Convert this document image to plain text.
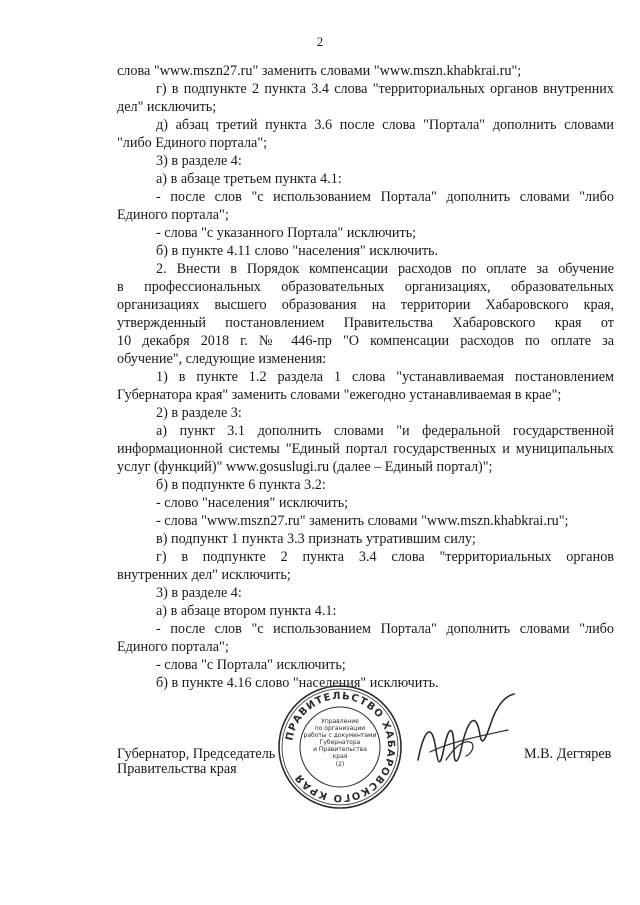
2
слова "www.mszn27.ru" заменить словами "www.mszn.khabkrai.ru";
г) в подпункте 2 пункта 3.4 слова "территориальных органов внутренних
дел" исключить;
д) абзац третий пункта 3.6 после слова "Портала" дополнить словами
"либо Единого портала";
3) в разделе 4:
а) в абзаце третьем пункта 4.1:
- после слов "с использованием Портала" дополнить словами "либо
Единого портала";
- слова "с указанного Портала" исключить;
б) в пункте 4.11 слово "населения" исключить.
2. Внести в Порядок компенсации расходов по оплате за обучение
в профессиональных образовательных организациях, образовательных
организациях высшего образования на территории Хабаровского края,
утвержденный постановлением Правительства Хабаровского края от
10 декабря 2018 г. № 446-пр "О компенсации расходов по оплате за
обучение", следующие изменения:
1) в пункте 1.2 раздела 1 слова "устанавливаемая постановлением
Губернатора края" заменить словами "ежегодно устанавливаемая в крае";
2) в разделе 3:
а) пункт 3.1 дополнить словами "и федеральной государственной
информационной системы "Единый портал государственных и муниципальных
услуг (функций)" www.gosuslugi.ru (далее – Единый портал)";
б) в подпункте 6 пункта 3.2:
- слово "населения" исключить;
- слова "www.mszn27.ru" заменить словами "www.mszn.khabkrai.ru";
в) подпункт 1 пункта 3.3 признать утратившим силу;
г) в подпункте 2 пункта 3.4 слова "территориальных органов
внутренних дел" исключить;
3) в разделе 4:
а) в абзаце втором пункта 4.1:
- после слов "с использованием Портала" дополнить словами "либо
Единого портала";
- слова "с Портала" исключить;
б) в пункте 4.16 слово "населения" исключить.
ПРАВИТЕЛЬСТВО ХАБАРОВСКОГО КРАЯ
Управление
по организации
работы с документами
Губернатора
и Правительства
края
(2)
Губернатор, Председатель
Правительства края
М.В. Дегтярев
